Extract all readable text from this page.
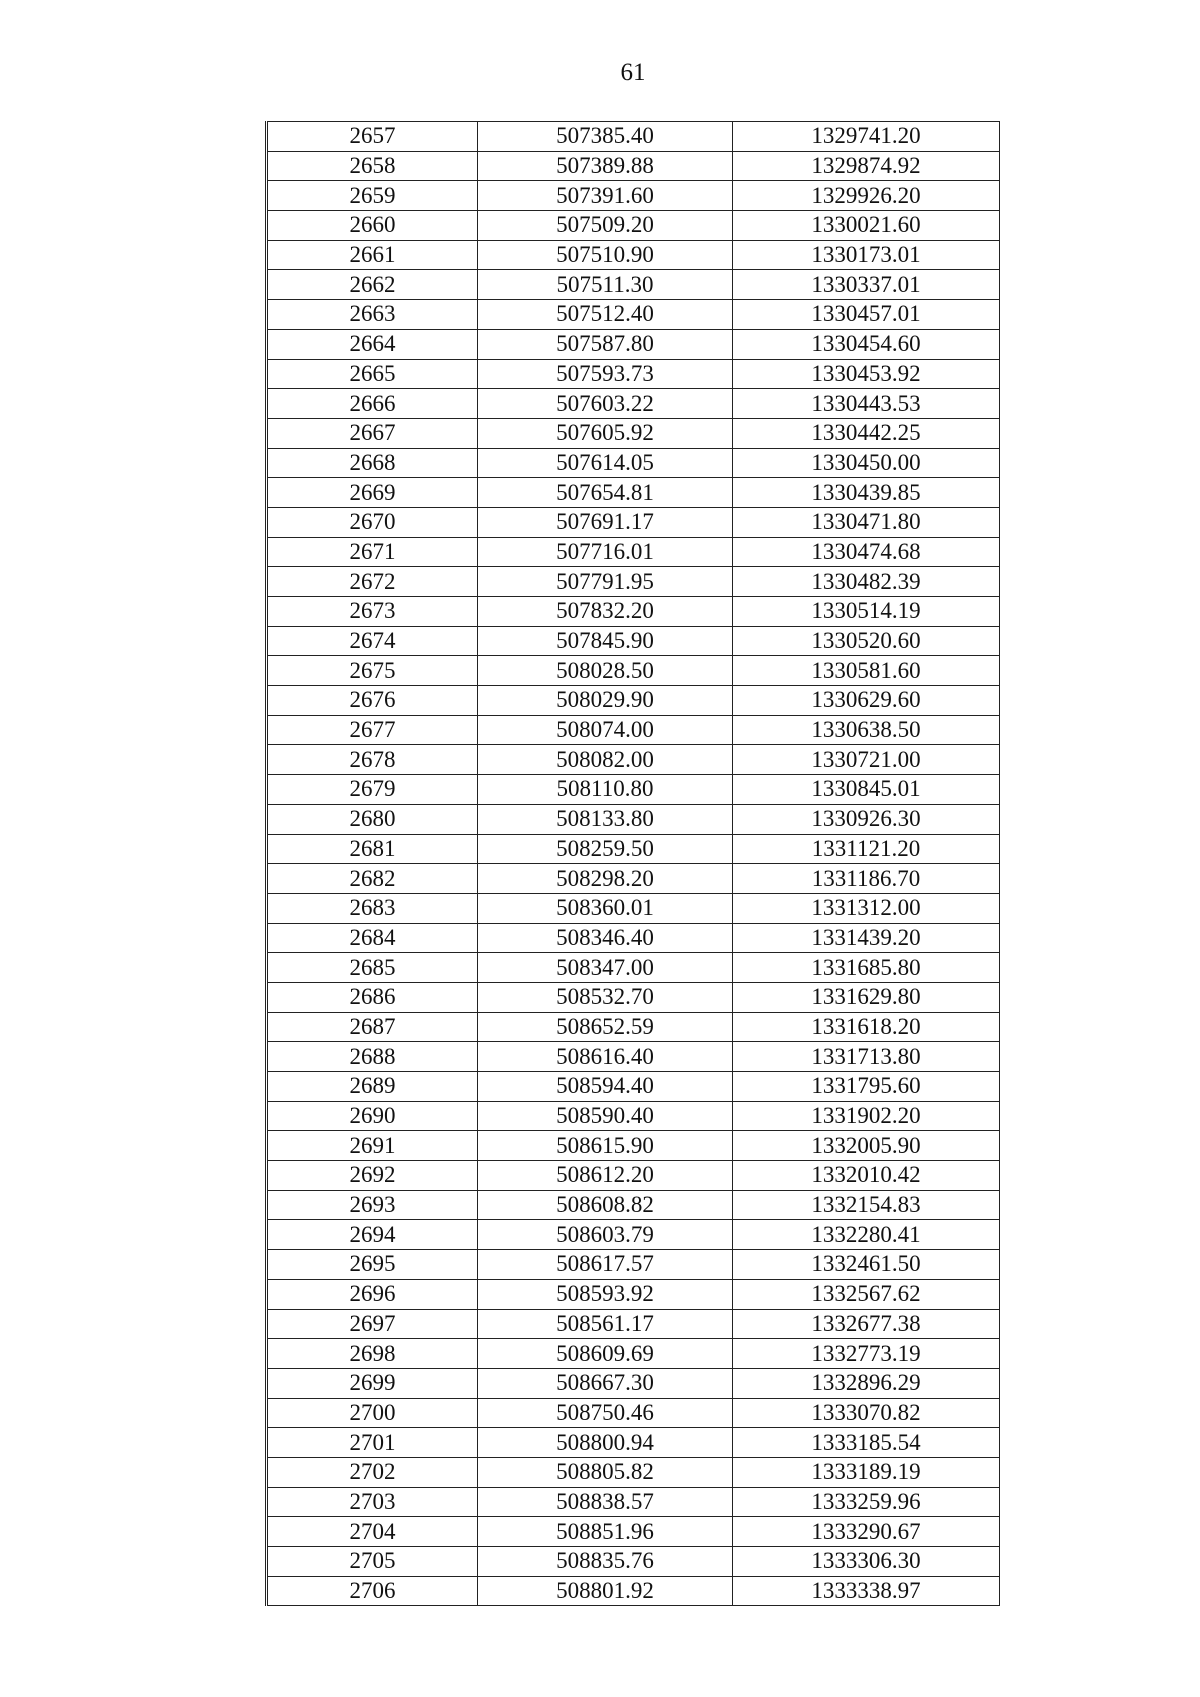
61
2657	507385.40	1329741.20
2658	507389.88	1329874.92
2659	507391.60	1329926.20
2660	507509.20	1330021.60
2661	507510.90	1330173.01
2662	507511.30	1330337.01
2663	507512.40	1330457.01
2664	507587.80	1330454.60
2665	507593.73	1330453.92
2666	507603.22	1330443.53
2667	507605.92	1330442.25
2668	507614.05	1330450.00
2669	507654.81	1330439.85
2670	507691.17	1330471.80
2671	507716.01	1330474.68
2672	507791.95	1330482.39
2673	507832.20	1330514.19
2674	507845.90	1330520.60
2675	508028.50	1330581.60
2676	508029.90	1330629.60
2677	508074.00	1330638.50
2678	508082.00	1330721.00
2679	508110.80	1330845.01
2680	508133.80	1330926.30
2681	508259.50	1331121.20
2682	508298.20	1331186.70
2683	508360.01	1331312.00
2684	508346.40	1331439.20
2685	508347.00	1331685.80
2686	508532.70	1331629.80
2687	508652.59	1331618.20
2688	508616.40	1331713.80
2689	508594.40	1331795.60
2690	508590.40	1331902.20
2691	508615.90	1332005.90
2692	508612.20	1332010.42
2693	508608.82	1332154.83
2694	508603.79	1332280.41
2695	508617.57	1332461.50
2696	508593.92	1332567.62
2697	508561.17	1332677.38
2698	508609.69	1332773.19
2699	508667.30	1332896.29
2700	508750.46	1333070.82
2701	508800.94	1333185.54
2702	508805.82	1333189.19
2703	508838.57	1333259.96
2704	508851.96	1333290.67
2705	508835.76	1333306.30
2706	508801.92	1333338.97
